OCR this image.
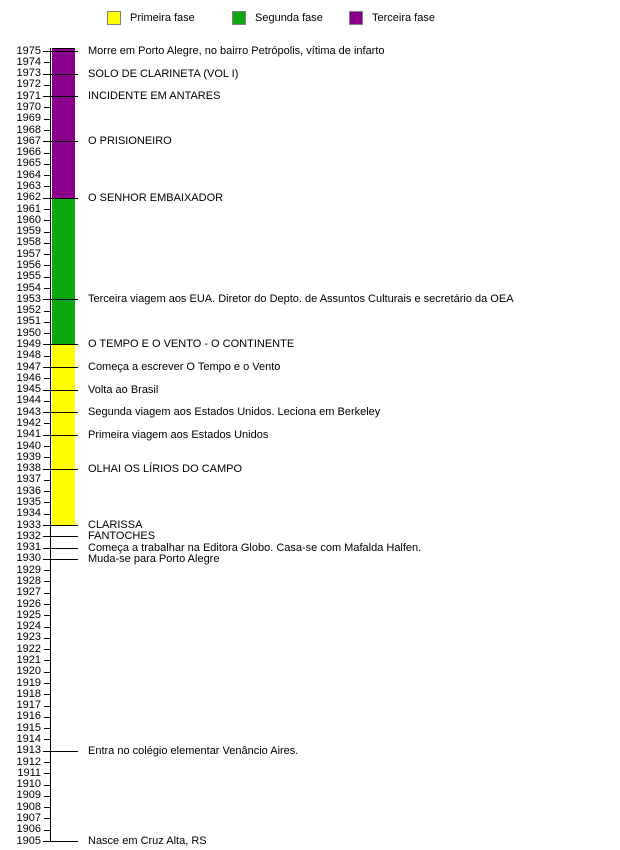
Primeira fase	Segunda fase	Terceira fase
1975
1974
1973
1972
1971
1970
1969
1968
1967
1966
1965
1964
1963
1962
1961
1960
1959
1958
1957
1956
1955
1954
1953
1952
1951
1950
1949
1948
1947
1946
1945
1944
1943
1942
1941
1940
1939
1938
1937
1936
1935
1934
1933
1932
1931
1930
1929
1928
1927
1926
1925
1924
1923
1922
1921
1920
1919
1918
1917
1916
1915
1914
1913
1912
1911
1910
1909
1908
1907
1906
1905
Morre em Porto Alegre, no bairro Petrópolis, vítima de infarto
SOLO DE CLARINETA (VOL I)
INCIDENTE EM ANTARES
O PRISIONEIRO
O SENHOR EMBAIXADOR
Terceira viagem aos EUA. Diretor do Depto. de Assuntos Culturais e secretário da OEA
O TEMPO E O VENTO - O CONTINENTE
Começa a escrever O Tempo e o Vento
Volta ao Brasil
Segunda viagem aos Estados Unidos. Leciona em Berkeley
Primeira viagem aos Estados Unidos
OLHAI OS LÍRIOS DO CAMPO
CLARISSA
FANTOCHES
Começa a trabalhar na Editora Globo. Casa-se com Mafalda Halfen.
Muda-se para Porto Alegre
Entra no colégio elementar Venâncio Aires.
Nasce em Cruz Alta, RS
